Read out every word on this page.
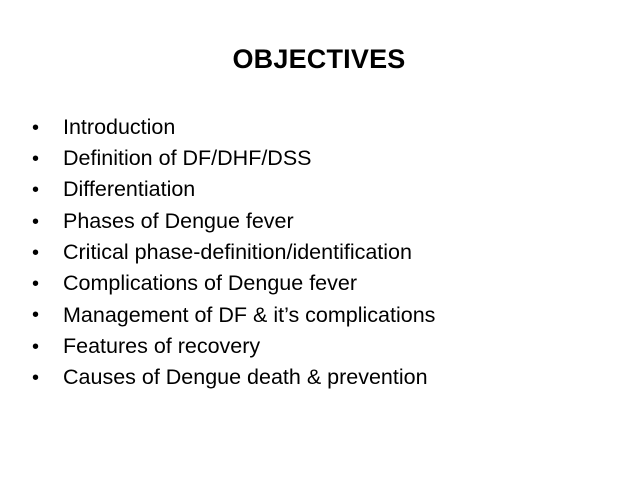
OBJECTIVES
•	Introduction
•	Definition of DF/DHF/DSS
•	Differentiation
•	Phases of Dengue fever
•	Critical phase-definition/identification
•	Complications of Dengue fever
•	Management of DF & it’s complications
•	Features of recovery
•	Causes of Dengue death & prevention
